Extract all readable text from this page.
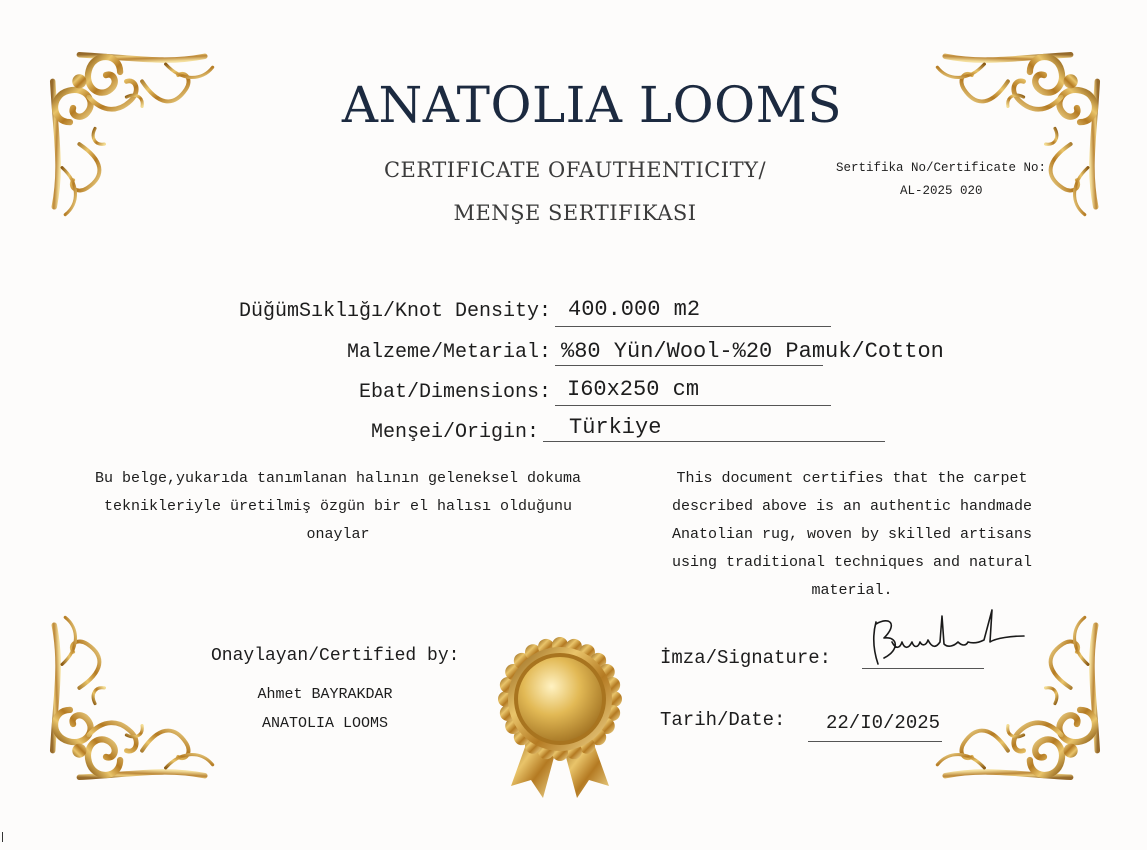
ANATOLIA LOOMS
CERTIFICATE OFAUTHENTICITY/
MENŞE SERTIFIKASI
Sertifika No/Certificate No:
AL-2025 020
DüğümSıklığı/Knot Density: 400.000 m2
Malzeme/Metarial: %80 Yün/Wool-%20 Pamuk/Cotton
Ebat/Dimensions: I60x250 cm
Menşei/Origin: Türkiye
Bu belge,yukarıda tanımlanan halının geleneksel dokuma teknikleriyle üretilmiş özgün bir el halısı olduğunu onaylar
This document certifies that the carpet described above is an authentic handmade Anatolian rug, woven by skilled artisans using traditional techniques and natural material.
Onaylayan/Certified by:
Ahmet BAYRAKDAR
ANATOLIA LOOMS
İmza/Signature:
Tarih/Date: 22/I0/2025
